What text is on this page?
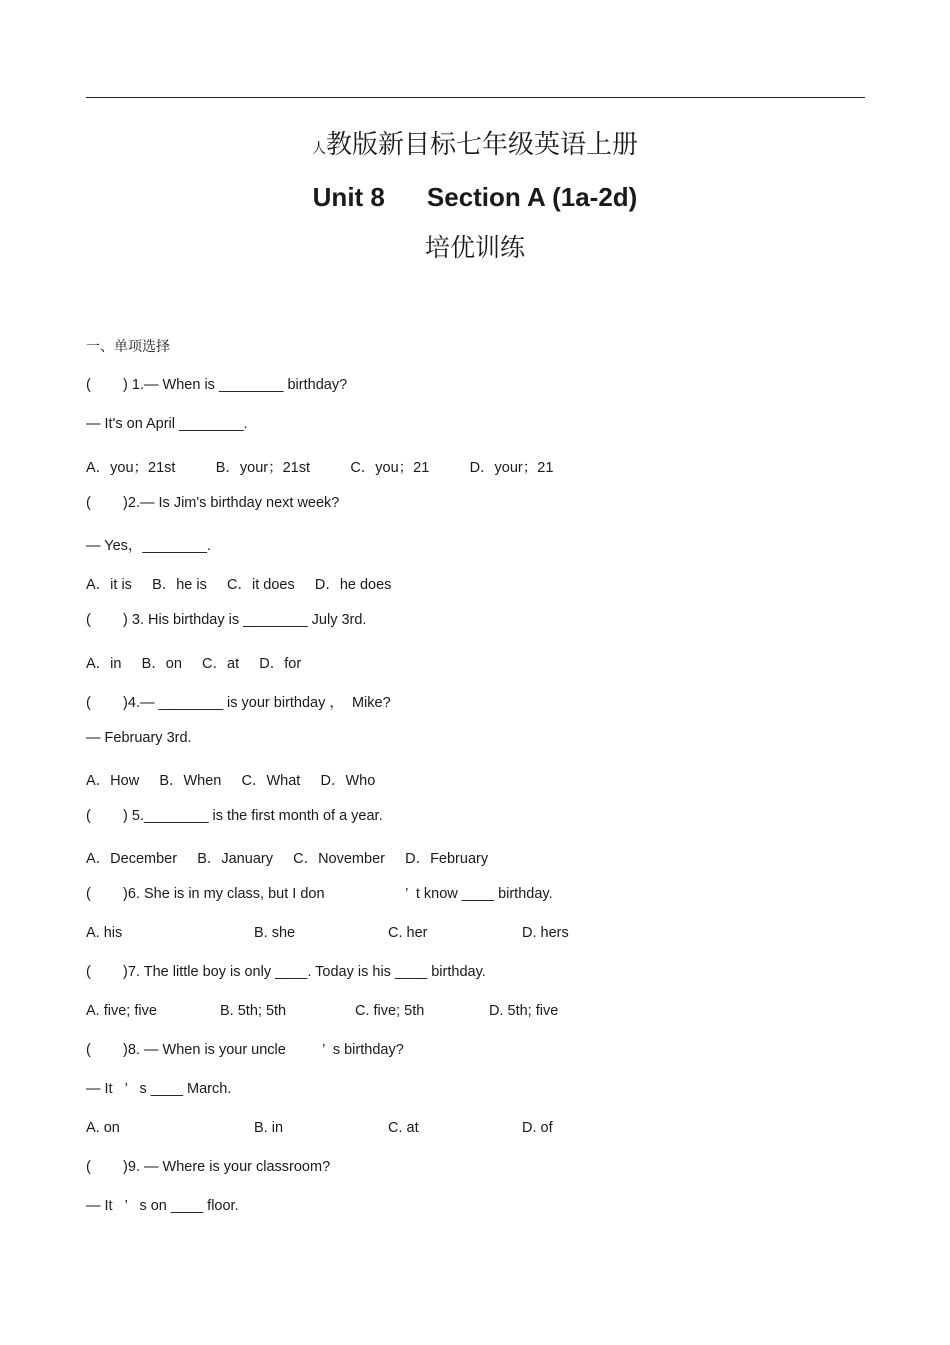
人教版新目标七年级英语上册
Unit 8 Section A (1a-2d)
培优训练
一、单项选择
(        ) 1.— When is ________ birthday?
— It's on April ________.
A．you；21st          B．your；21st          C．you；21          D．your；21
(        )2.— Is Jim's birthday next week?
— Yes，________.
A．it is     B．he is     C．it does     D．he does
(        ) 3. His birthday is ________ July 3rd.
A．in     B．on     C．at     D．for
(        )4.— ________ is your birthday ，  Mike?
— February 3rd.
A．How     B．When     C．What     D．Who
(        ) 5.________ is the first month of a year.
A．December     B．January     C．November     D．February
(        )6. She is in my class, but I don                    ’  t know ____ birthday.
A. his	B. she	C. her	D. hers
(        )7. The little boy is only ____. Today is his ____ birthday.
A. five; five	B. 5th; 5th	C. five; 5th	D. 5th; five
(        )8. — When is your uncle         ’  s birthday?
— It   ’   s ____ March.
A. on	B. in	C. at	D. of
(        )9. — Where is your classroom?
— It   ’   s on ____ floor.
